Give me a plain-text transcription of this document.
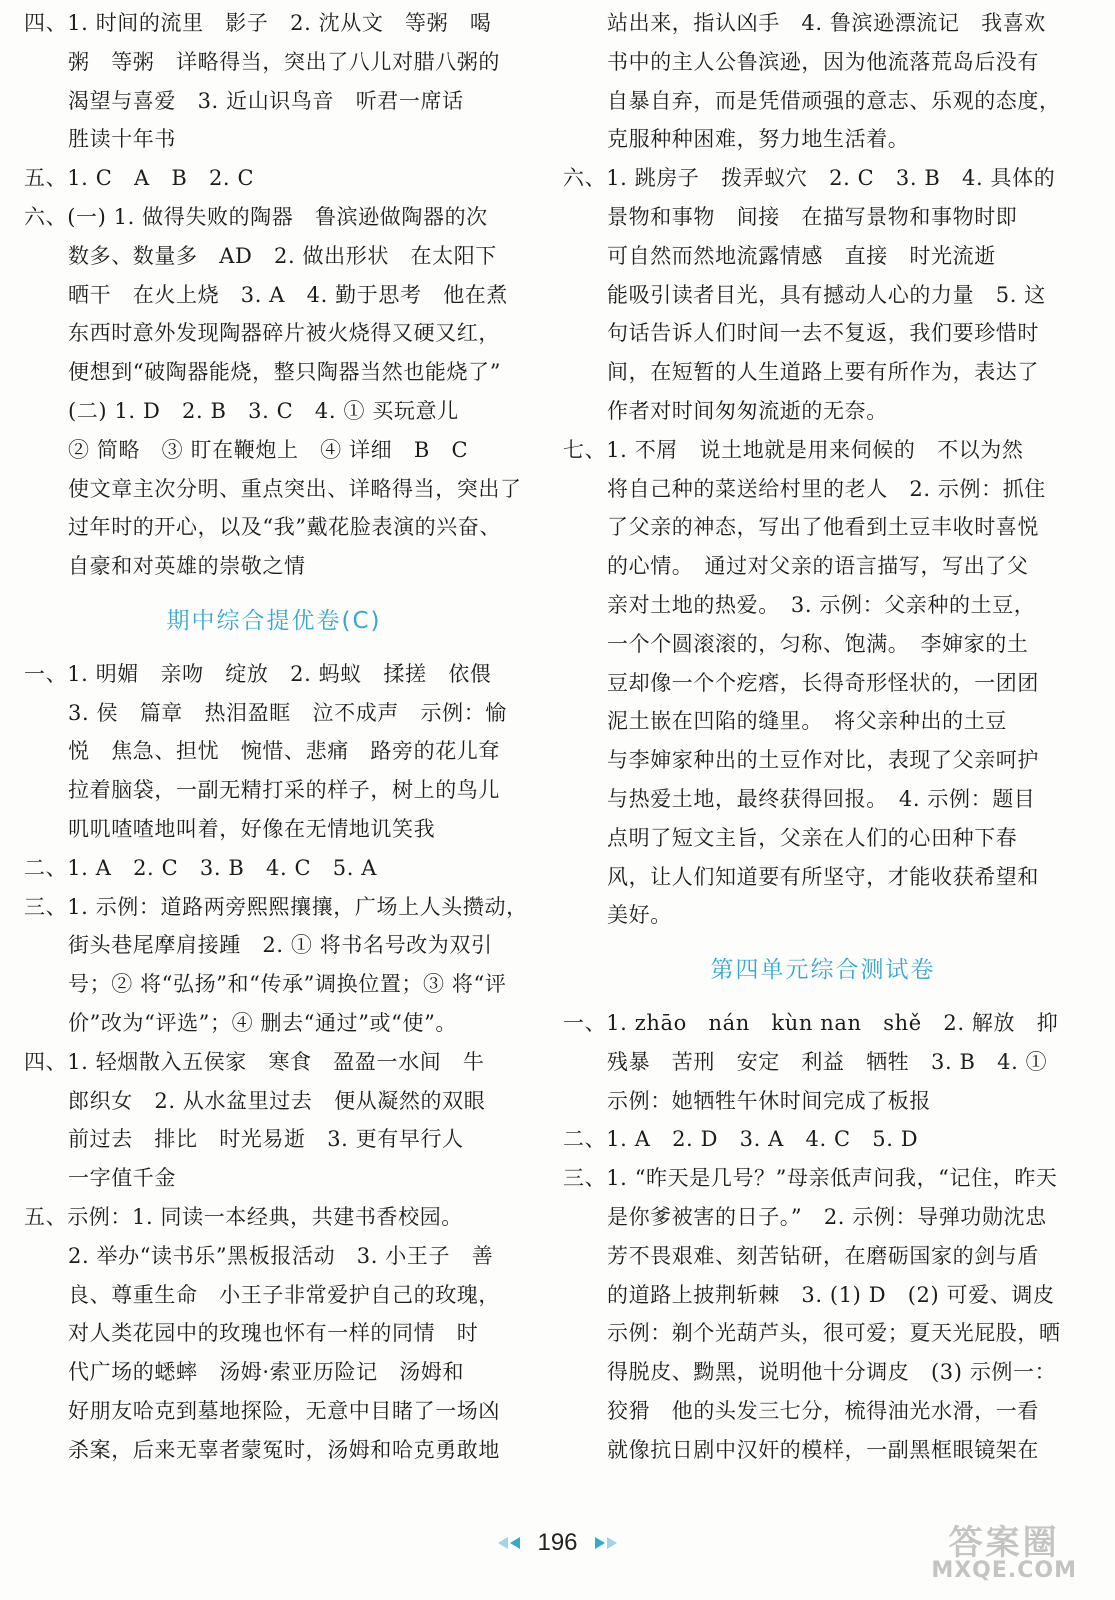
四、1. 时间的流里　影子　2. 沈从文　等粥　喝
粥　等粥　详略得当，突出了八儿对腊八粥的
渴望与喜爱　3. 近山识鸟音　听君一席话
胜读十年书
五、1. C　A　B　2. C
六、(一) 1. 做得失败的陶器　鲁滨逊做陶器的次
数多、数量多　AD　2. 做出形状　在太阳下
晒干　在火上烧　3. A　4. 勤于思考　他在煮
东西时意外发现陶器碎片被火烧得又硬又红，
便想到“破陶器能烧，整只陶器当然也能烧了”
(二) 1. D　2. B　3. C　4. ① 买玩意儿
② 简略　③ 盯在鞭炮上　④ 详细　B　C
使文章主次分明、重点突出、详略得当，突出了
过年时的开心，以及“我”戴花脸表演的兴奋、
自豪和对英雄的崇敬之情
期中综合提优卷(C)
一、1. 明媚　亲吻　绽放　2. 蚂蚁　揉搓　依偎
3. 侯　篇章　热泪盈眶　泣不成声　示例：愉
悦　焦急、担忧　惋惜、悲痛　路旁的花儿耷
拉着脑袋，一副无精打采的样子，树上的鸟儿
叽叽喳喳地叫着，好像在无情地讥笑我
二、1. A　2. C　3. B　4. C　5. A
三、1. 示例：道路两旁熙熙攘攘，广场上人头攒动，
街头巷尾摩肩接踵　2. ① 将书名号改为双引
号；② 将“弘扬”和“传承”调换位置；③ 将“评
价”改为“评选”；④ 删去“通过”或“使”。
四、1. 轻烟散入五侯家　寒食　盈盈一水间　牛
郎织女　2. 从水盆里过去　便从凝然的双眼
前过去　排比　时光易逝　3. 更有早行人
一字值千金
五、示例：1. 同读一本经典，共建书香校园。
2. 举办“读书乐”黑板报活动　3. 小王子　善
良、尊重生命　小王子非常爱护自己的玫瑰，
对人类花园中的玫瑰也怀有一样的同情　时
代广场的蟋蟀　汤姆·索亚历险记　汤姆和
好朋友哈克到墓地探险，无意中目睹了一场凶
杀案，后来无辜者蒙冤时，汤姆和哈克勇敢地
站出来，指认凶手　4. 鲁滨逊漂流记　我喜欢
书中的主人公鲁滨逊，因为他流落荒岛后没有
自暴自弃，而是凭借顽强的意志、乐观的态度，
克服种种困难，努力地生活着。
六、1. 跳房子　拨弄蚁穴　2. C　3. B　4. 具体的
景物和事物　间接　在描写景物和事物时即
可自然而然地流露情感　直接　时光流逝
能吸引读者目光，具有撼动人心的力量　5. 这
句话告诉人们时间一去不复返，我们要珍惜时
间，在短暂的人生道路上要有所作为，表达了
作者对时间匆匆流逝的无奈。
七、1. 不屑　说土地就是用来伺候的　不以为然
将自己种的菜送给村里的老人　2. 示例：抓住
了父亲的神态，写出了他看到土豆丰收时喜悦
的心情。　通过对父亲的语言描写，写出了父
亲对土地的热爱。　3. 示例：父亲种的土豆，
一个个圆滚滚的，匀称、饱满。　李婶家的土
豆却像一个个疙瘩，长得奇形怪状的，一团团
泥土嵌在凹陷的缝里。　将父亲种出的土豆
与李婶家种出的土豆作对比，表现了父亲呵护
与热爱土地，最终获得回报。　4. 示例：题目
点明了短文主旨，父亲在人们的心田种下春
风，让人们知道要有所坚守，才能收获希望和
美好。
第四单元综合测试卷
一、1. zhāo　nán　kùn nan　shě　2. 解放　抑
残暴　苦刑　安定　利益　牺牲　3. B　4. ①
示例：她牺牲午休时间完成了板报
二、1. A　2. D　3. A　4. C　5. D
三、1. “昨天是几号？”母亲低声问我，“记住，昨天
是你爹被害的日子。”　2. 示例：导弹功勋沈忠
芳不畏艰难、刻苦钻研，在磨砺国家的剑与盾
的道路上披荆斩棘　3. (1) D　(2) 可爱、调皮
示例：剃个光葫芦头，很可爱；夏天光屁股，晒
得脱皮、黝黑，说明他十分调皮　(3) 示例一：
狡猾　他的头发三七分，梳得油光水滑，一看
就像抗日剧中汉奸的模样，一副黑框眼镜架在
196	答案圈
MXQE.COM
